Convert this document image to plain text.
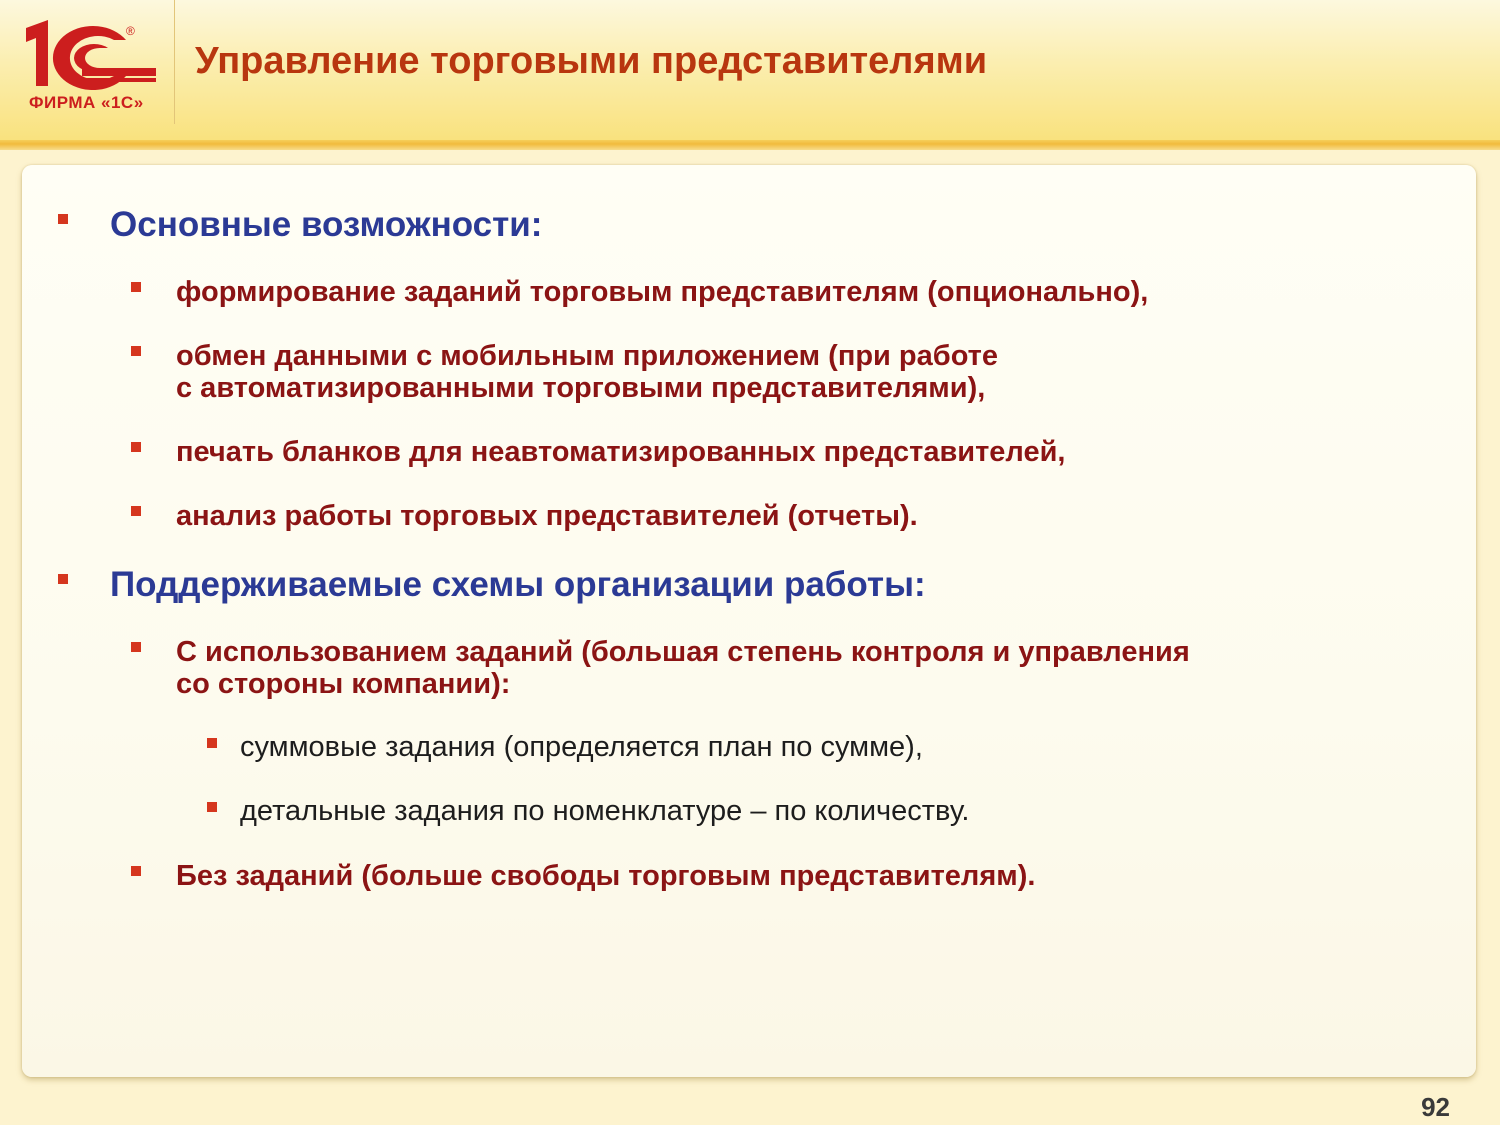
®
ФИРМА «1С»
Управление торговыми представителями
Основные возможности:
формирование заданий торговым представителям (опционально),
обмен данными с мобильным приложением (при работе
с автоматизированными торговыми представителями),
печать бланков для неавтоматизированных представителей,
анализ работы торговых представителей (отчеты).
Поддерживаемые схемы организации работы:
С использованием заданий (большая степень контроля и управления
со стороны компании):
суммовые задания (определяется план по сумме),
детальные задания по номенклатуре – по количеству.
Без заданий (больше свободы торговым представителям).
92
